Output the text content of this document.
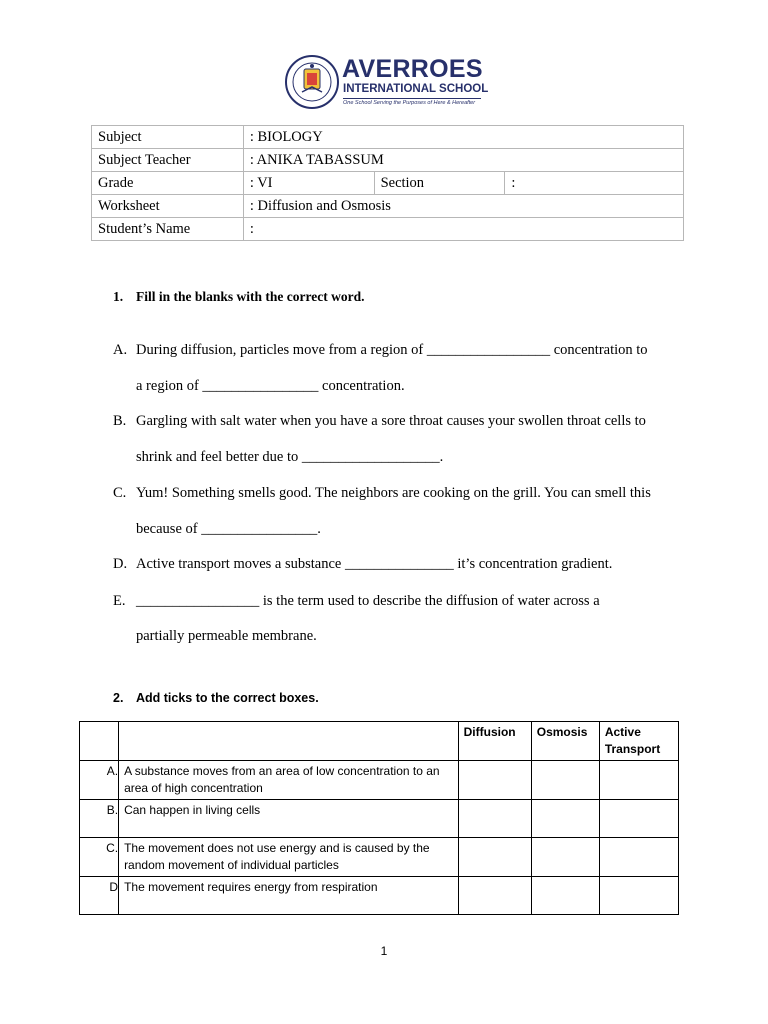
AVERROES
INTERNATIONAL SCHOOL
One School Serving the Purposes of Here & Hereafter
Subject	: BIOLOGY		
Subject Teacher	: ANIKA TABASSUM		
Grade	: VI	Section	:
Worksheet	: Diffusion and Osmosis		
Student’s Name	:		
1. Fill in the blanks with the correct word.
A. During diffusion, particles move from a region of _________________ concentration to
a region of ________________ concentration.
B. Gargling with salt water when you have a sore throat causes your swollen throat cells to
shrink and feel better due to ___________________.
C. Yum! Something smells good. The neighbors are cooking on the grill. You can smell this
because of ________________.
D. Active transport moves a substance _______________ it’s concentration gradient.
E. _________________ is the term used to describe the diffusion of water across a
partially permeable membrane.
2. Add ticks to the correct boxes.
		Diffusion	Osmosis	Active Transport
A.	A substance moves from an area of low concentration to an area of high concentration			
B.	Can happen in living cells			
C.	The movement does not use energy and is caused by the random movement of individual particles			
D	The movement requires energy from respiration			
1
